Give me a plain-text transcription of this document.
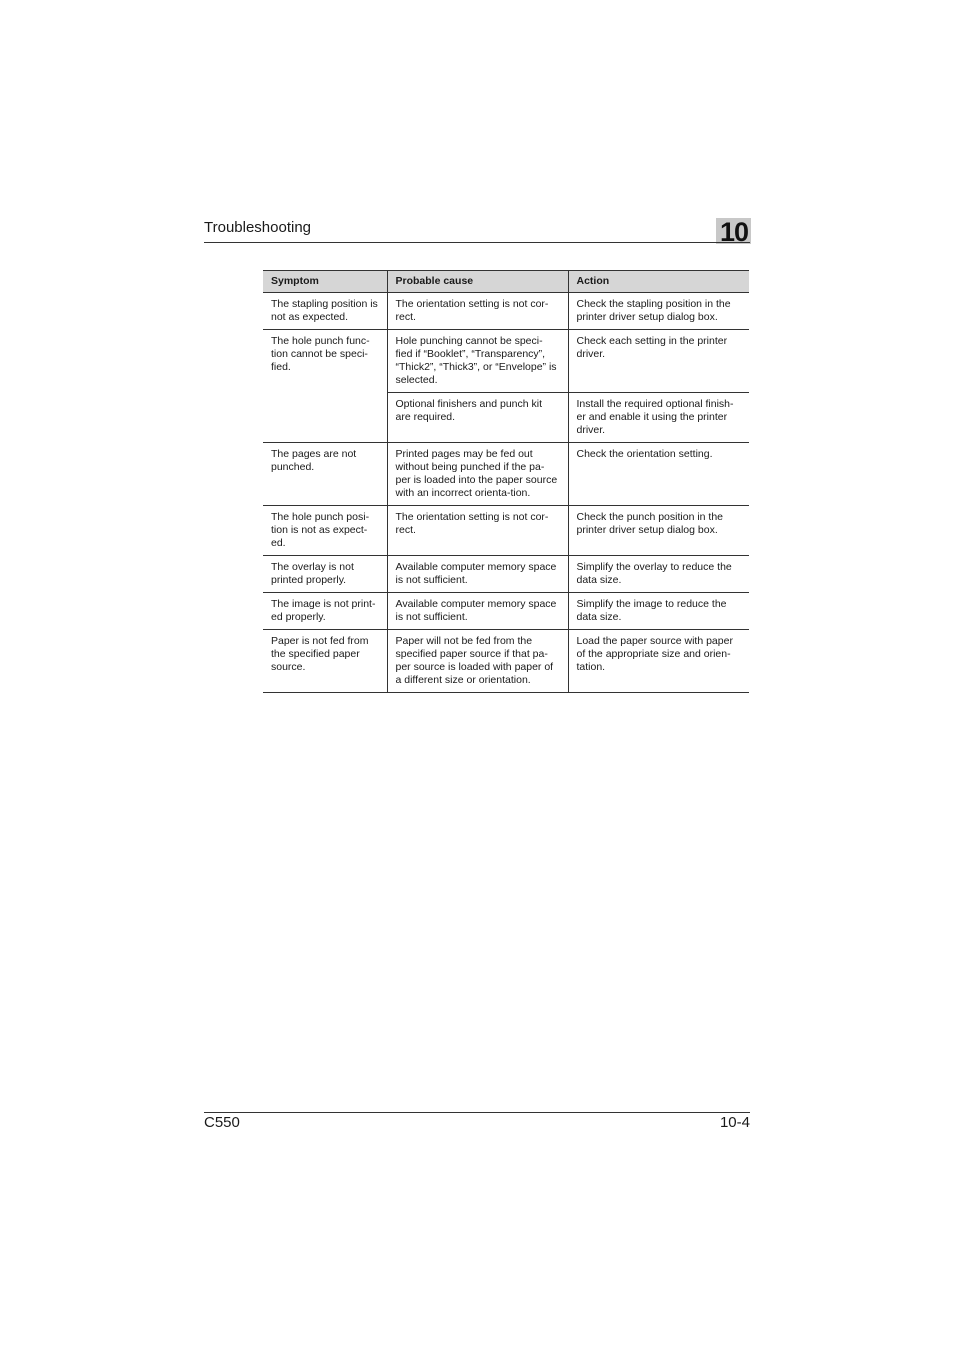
Troubleshooting	10
Symptom	Probable cause	Action
The stapling position is not as expected.	The orientation setting is not cor-rect.	Check the stapling position in the printer driver setup dialog box.
The hole punch func-tion cannot be speci-fied.	Hole punching cannot be speci-fied if “Booklet”, “Transparency”, “Thick2”, “Thick3”, or “Envelope” is selected.	Check each setting in the printer driver.
	Optional finishers and punch kit are required.	Install the required optional finish-er and enable it using the printer driver.
The pages are not punched.	Printed pages may be fed out without being punched if the pa-per is loaded into the paper source with an incorrect orienta-tion.	Check the orientation setting.
The hole punch posi-tion is not as expect-ed.	The orientation setting is not cor-rect.	Check the punch position in the printer driver setup dialog box.
The overlay is not printed properly.	Available computer memory space is not sufficient.	Simplify the overlay to reduce the data size.
The image is not print-ed properly.	Available computer memory space is not sufficient.	Simplify the image to reduce the data size.
Paper is not fed from the specified paper source.	Paper will not be fed from the specified paper source if that pa-per source is loaded with paper of a different size or orientation.	Load the paper source with paper of the appropriate size and orien-tation.
C550	10-4
